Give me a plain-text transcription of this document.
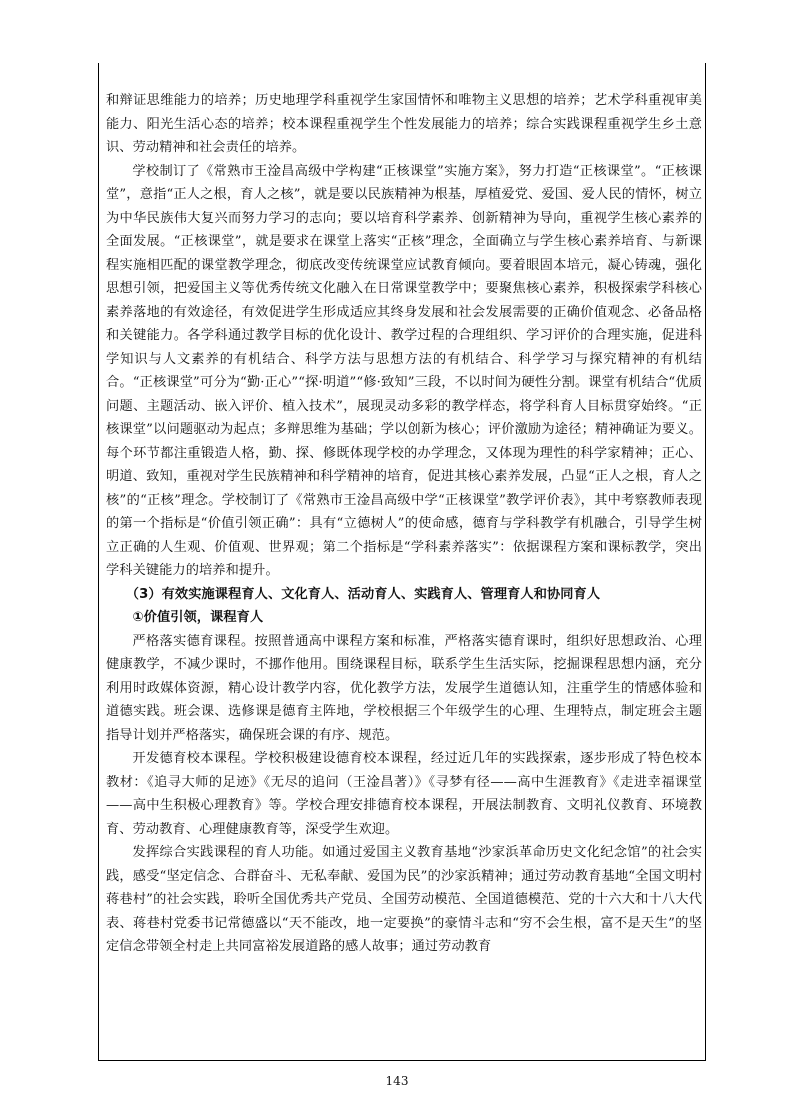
和辩证思维能力的培养；历史地理学科重视学生家国情怀和唯物主义思想的培养；艺术学科重视审美能力、阳光生活心态的培养；校本课程重视学生个性发展能力的培养；综合实践课程重视学生乡土意识、劳动精神和社会责任的培养。

学校制订了《常熟市王淦昌高级中学构建“正核课堂”实施方案》，努力打造“正核课堂”。“正核课堂”，意指“正人之根，育人之核”，就是要以民族精神为根基，厚植爱党、爱国、爱人民的情怀，树立为中华民族伟大复兴而努力学习的志向；要以培育科学素养、创新精神为导向，重视学生核心素养的全面发展。“正核课堂”，就是要求在课堂上落实“正核”理念，全面确立与学生核心素养培育、与新课程实施相匹配的课堂教学理念，彻底改变传统课堂应试教育倾向。要着眼固本培元，凝心铸魂，强化思想引领，把爱国主义等优秀传统文化融入在日常课堂教学中；要聚焦核心素养，积极探索学科核心素养落地的有效途径，有效促进学生形成适应其终身发展和社会发展需要的正确价值观念、必备品格和关键能力。各学科通过教学目标的优化设计、教学过程的合理组织、学习评价的合理实施，促进科学知识与人文素养的有机结合、科学方法与思想方法的有机结合、科学学习与探究精神的有机结合。“正核课堂”可分为“勤·正心”“探·明道”“修·致知”三段，不以时间为硬性分割。课堂有机结合“优质问题、主题活动、嵌入评价、植入技术”，展现灵动多彩的教学样态，将学科育人目标贯穿始终。“正核课堂”以问题驱动为起点；多辩思维为基础；学以创新为核心；评价激励为途径；精神确证为要义。每个环节都注重锻造人格，勤、探、修既体现学校的办学理念，又体现为理性的科学家精神；正心、明道、致知，重视对学生民族精神和科学精神的培育，促进其核心素养发展，凸显“正人之根，育人之核”的“正核”理念。学校制订了《常熟市王淦昌高级中学“正核课堂”教学评价表》，其中考察教师表现的第一个指标是“价值引领正确”：具有“立德树人”的使命感，德育与学科教学有机融合，引导学生树立正确的人生观、价值观、世界观；第二个指标是“学科素养落实”：依据课程方案和课标教学，突出学科关键能力的培养和提升。

（3）有效实施课程育人、文化育人、活动育人、实践育人、管理育人和协同育人

①价值引领，课程育人

严格落实德育课程。按照普通高中课程方案和标准，严格落实德育课时，组织好思想政治、心理健康教学，不减少课时，不挪作他用。围绕课程目标，联系学生生活实际，挖掘课程思想内涵，充分利用时政媒体资源，精心设计教学内容，优化教学方法，发展学生道德认知，注重学生的情感体验和道德实践。班会课、选修课是德育主阵地，学校根据三个年级学生的心理、生理特点，制定班会主题指导计划并严格落实，确保班会课的有序、规范。

开发德育校本课程。学校积极建设德育校本课程，经过近几年的实践探索，逐步形成了特色校本教材：《追寻大师的足迹》《无尽的追问（王淦昌著）》《寻梦有径——高中生涯教育》《走进幸福课堂——高中生积极心理教育》等。学校合理安排德育校本课程，开展法制教育、文明礼仪教育、环境教育、劳动教育、心理健康教育等，深受学生欢迎。

发挥综合实践课程的育人功能。如通过爱国主义教育基地“沙家浜革命历史文化纪念馆”的社会实践，感受“坚定信念、合群奋斗、无私奉献、爱国为民”的沙家浜精神；通过劳动教育基地“全国文明村蒋巷村”的社会实践，聆听全国优秀共产党员、全国劳动模范、全国道德模范、党的十六大和十八大代表、蒋巷村党委书记常德盛以“天不能改，地一定要换”的豪情斗志和“穷不会生根，富不是天生”的坚定信念带领全村走上共同富裕发展道路的感人故事；通过劳动教育

143
